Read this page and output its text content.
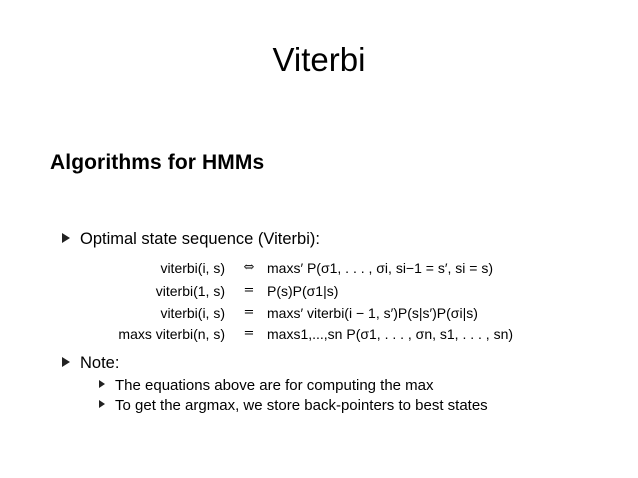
Viterbi
Algorithms for HMMs
Optimal state sequence (Viterbi):
viterbi(i, s)	⇔ maxs′ P(σ1, . . . , σi, si−1 = s′, si = s)
viterbi(1, s)	= P(s)P(σ1|s)
viterbi(i, s)	= maxs′ viterbi(i − 1, s′)P(s|s′)P(σi|s)
maxs viterbi(n, s)	= maxs1,...,sn P(σ1, . . . , σn, s1, . . . , sn)
Note:
The equations above are for computing the max
To get the argmax, we store back-pointers to best states
